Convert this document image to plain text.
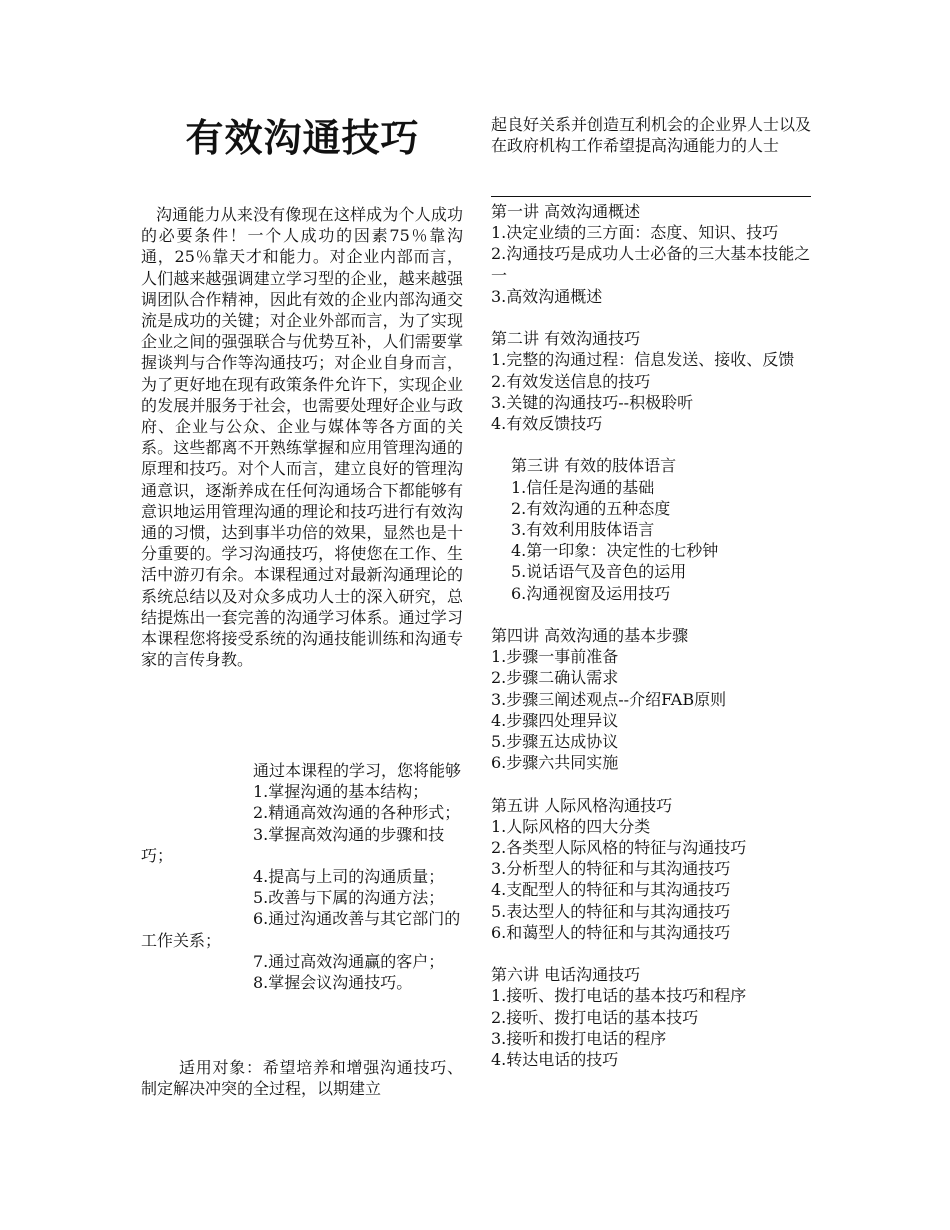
有效沟通技巧

沟通能力从来没有像现在这样成为个人成功的必要条件！一个人成功的因素75％靠沟通，25％靠天才和能力。对企业内部而言，人们越来越强调建立学习型的企业，越来越强调团队合作精神，因此有效的企业内部沟通交流是成功的关键；对企业外部而言，为了实现企业之间的强强联合与优势互补，人们需要掌握谈判与合作等沟通技巧；对企业自身而言，为了更好地在现有政策条件允许下，实现企业的发展并服务于社会，也需要处理好企业与政府、企业与公众、企业与媒体等各方面的关系。这些都离不开熟练掌握和应用管理沟通的原理和技巧。对个人而言，建立良好的管理沟通意识，逐渐养成在任何沟通场合下都能够有意识地运用管理沟通的理论和技巧进行有效沟通的习惯，达到事半功倍的效果，显然也是十分重要的。学习沟通技巧，将使您在工作、生活中游刃有余。本课程通过对最新沟通理论的系统总结以及对众多成功人士的深入研究，总结提炼出一套完善的沟通学习体系。通过学习本课程您将接受系统的沟通技能训练和沟通专家的言传身教。

通过本课程的学习，您将能够

1.掌握沟通的基本结构；

2.精通高效沟通的各种形式；

3.掌握高效沟通的步骤和技巧；

4.提高与上司的沟通质量；

5.改善与下属的沟通方法；

6.通过沟通改善与其它部门的工作关系；

7.通过高效沟通赢的客户；

8.掌握会议沟通技巧。

适用对象：希望培养和增强沟通技巧、制定解决冲突的全过程，以期建立

起良好关系并创造互利机会的企业界人士以及在政府机构工作希望提高沟通能力的人士

第一讲 高效沟通概述

1.决定业绩的三方面：态度、知识、技巧

2.沟通技巧是成功人士必备的三大基本技能之一

3.高效沟通概述

第二讲 有效沟通技巧

1.完整的沟通过程：信息发送、接收、反馈

2.有效发送信息的技巧

3.关键的沟通技巧--积极聆听

4.有效反馈技巧

第三讲 有效的肢体语言

1.信任是沟通的基础

2.有效沟通的五种态度

3.有效利用肢体语言

4.第一印象：决定性的七秒钟

5.说话语气及音色的运用

6.沟通视窗及运用技巧

第四讲 高效沟通的基本步骤

1.步骤一事前准备

2.步骤二确认需求

3.步骤三阐述观点--介绍FAB原则

4.步骤四处理异议

5.步骤五达成协议

6.步骤六共同实施

第五讲 人际风格沟通技巧

1.人际风格的四大分类

2.各类型人际风格的特征与沟通技巧

3.分析型人的特征和与其沟通技巧

4.支配型人的特征和与其沟通技巧

5.表达型人的特征和与其沟通技巧

6.和蔼型人的特征和与其沟通技巧

第六讲 电话沟通技巧

1.接听、拨打电话的基本技巧和程序

2.接听、拨打电话的基本技巧

3.接听和拨打电话的程序

4.转达电话的技巧
